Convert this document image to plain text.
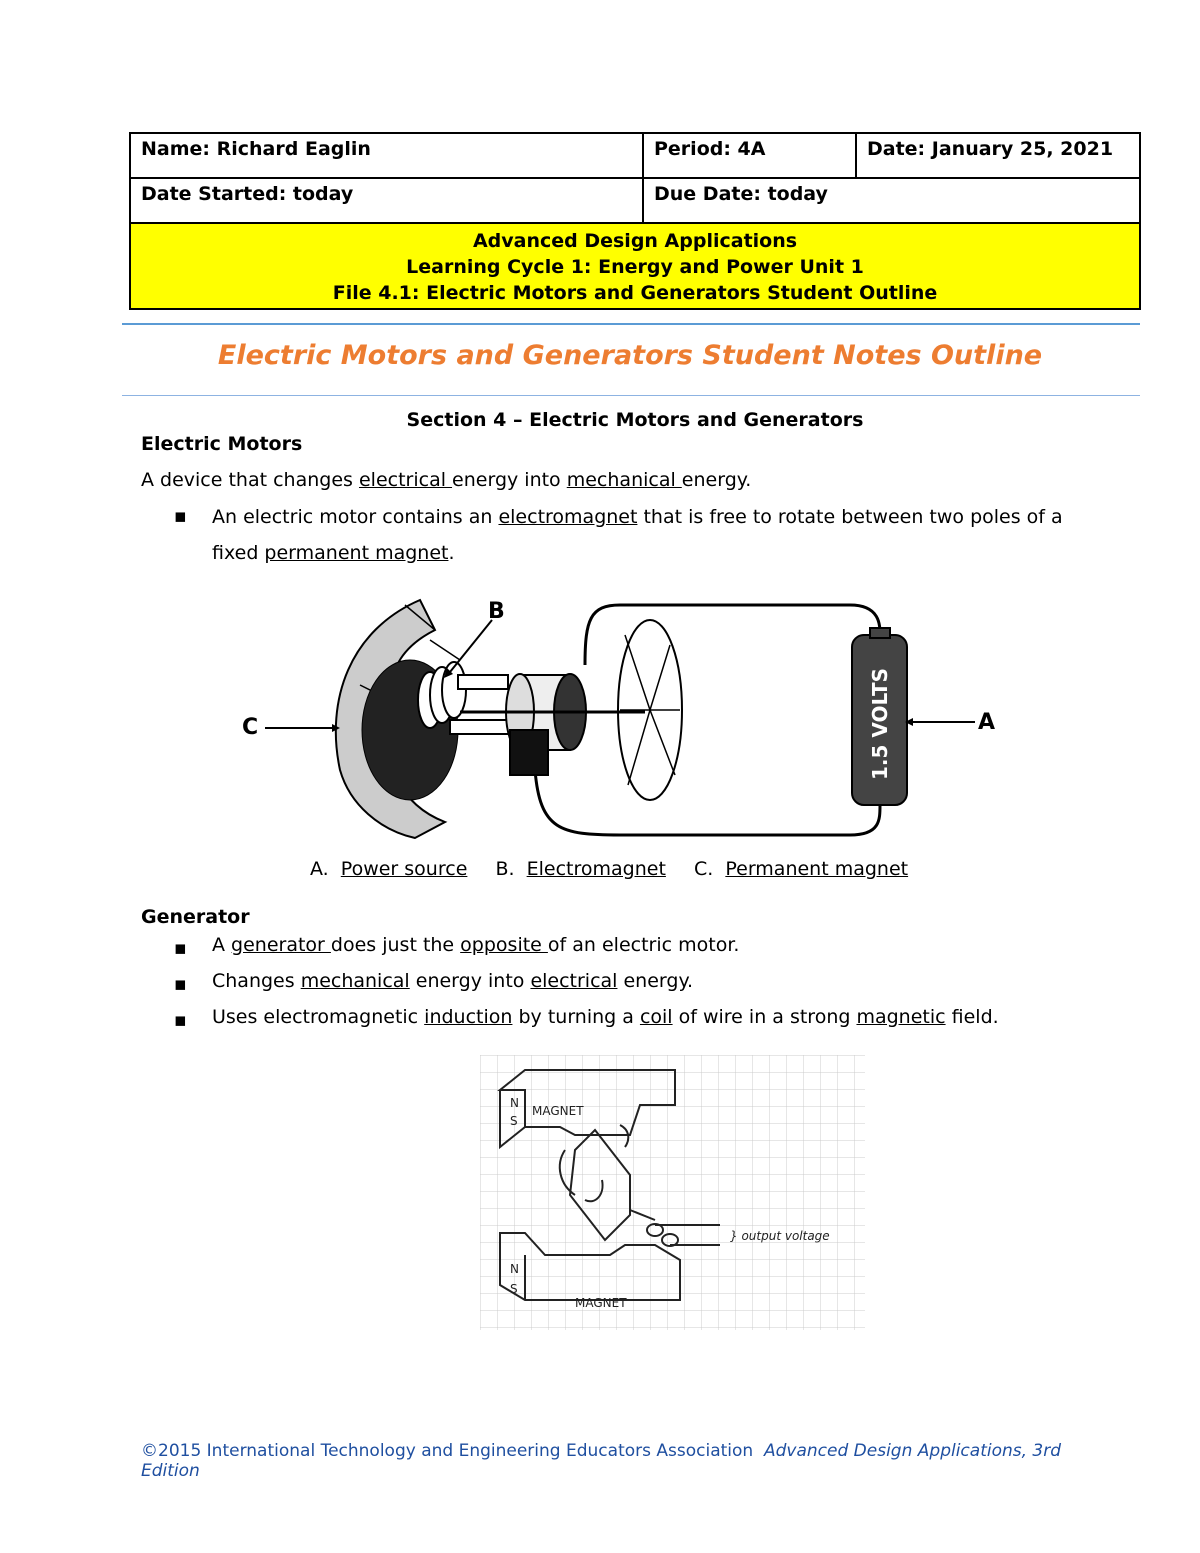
Name: Richard Eaglin	Period: 4A	Date: January 25, 2021
Date Started: today	Due Date: today	

Advanced Design Applications
Learning Cycle 1: Energy and Power Unit 1
File 4.1: Electric Motors and Generators Student Outline		
Electric Motors and Generators Student Notes Outline
Section 4 – Electric Motors and Generators
Electric Motors
A device that changes electrical energy into mechanical energy.
▪ An electric motor contains an electromagnet that is free to rotate between two poles of a fixed permanent magnet.
1.5 VOLTS
C
B
A
A. Power source B. Electromagnet C. Permanent magnet
Generator
▪ A generator does just the opposite of an electric motor.
▪ Changes mechanical energy into electrical energy.
▪ Uses electromagnetic induction by turning a coil of wire in a strong magnetic field.
MAGNET
N
S
N
S
MAGNET
} output voltage
©2015 International Technology and Engineering Educators Association Advanced Design Applications, 3rd Edition
